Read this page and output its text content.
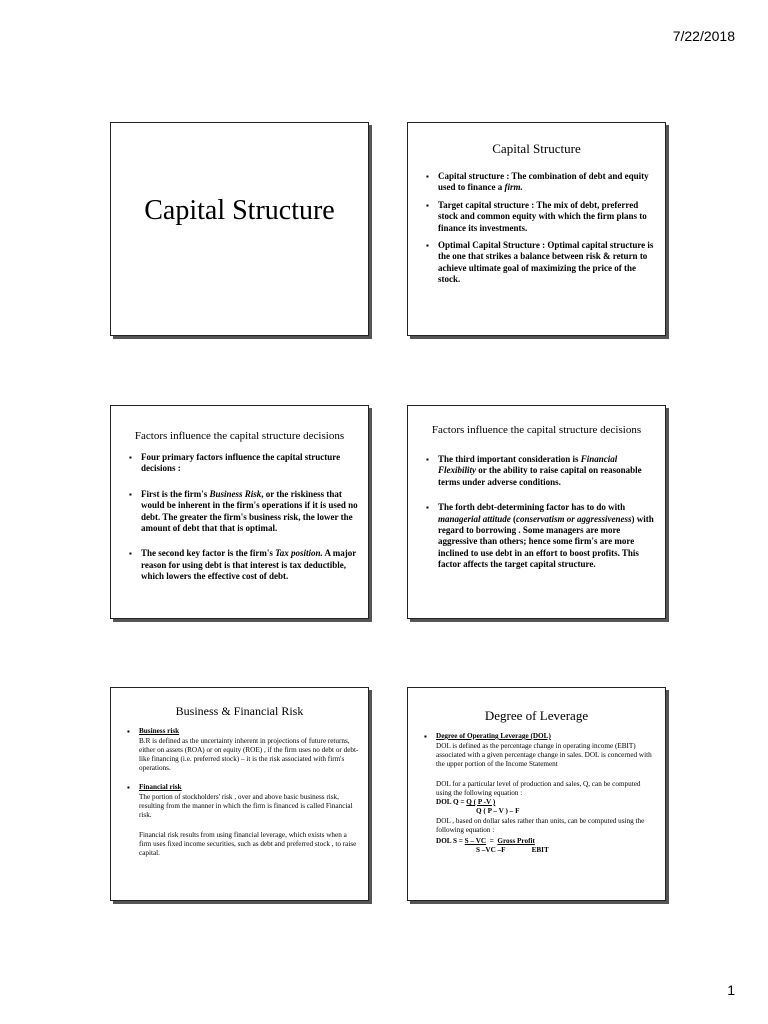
7/22/2018
Capital Structure
Capital Structure
▪ Capital structure : The combination of debt and equity used to finance a firm.
▪ Target capital structure : The mix of debt, preferred stock and common equity with which the firm plans to finance its investments.
▪ Optimal Capital Structure : Optimal capital structure is the one that strikes a balance between risk & return to achieve ultimate goal of maximizing the price of the stock.
Factors influence the capital structure decisions
▪ Four primary factors influence the capital structure decisions :
▪ First is the firm's Business Risk, or the riskiness that would be inherent in the firm's operations if it is used no debt. The greater the firm's business risk, the lower the amount of debt that that is optimal.
▪ The second key factor is the firm's Tax position. A major reason for using debt is that interest is tax deductible, which lowers the effective cost of debt.
Factors influence the capital structure decisions
▪ The third important consideration is Financial Flexibility or the ability to raise capital on reasonable terms under adverse conditions.
▪ The forth debt-determining factor has to do with managerial attitude (conservatism or aggressiveness) with regard to borrowing . Some managers are more aggressive than others; hence some firm's are more inclined to use debt in an effort to boost profits. This factor affects the target capital structure.
Business & Financial Risk
▪ Business risk
B.R is defined as the uncertainty inherent in projections of future returns, either on assets (ROA) or on equity (ROE) , if the firm uses no debt or debt-like financing (i.e. preferred stock) – it is the risk associated with firm's operations.
▪ Financial risk
The portion of stockholders' risk , over and above basic business risk, resulting from the manner in which the firm is financed is called Financial risk.
Financial risk results from using financial leverage, which exists when a firm uses fixed income securities, such as debt and preferred stock , to raise capital.
Degree of Leverage
▪ Degree of Operating Leverage (DOL)
DOL is defined as the percentage change in operating income (EBIT) associated with a given percentage change in sales. DOL is concerned with the upper portion of the Income Statement
DOL for a particular level of production and sales, Q, can be computed using the following equation :
DOL Q = Q ( P -V )
Q ( P – V ) – F
DOL , based on dollar sales rather than units, can be computed using the following equation :
DOL S = S – VC  =  Gross Profit
S –VC –F	EBIT
1
